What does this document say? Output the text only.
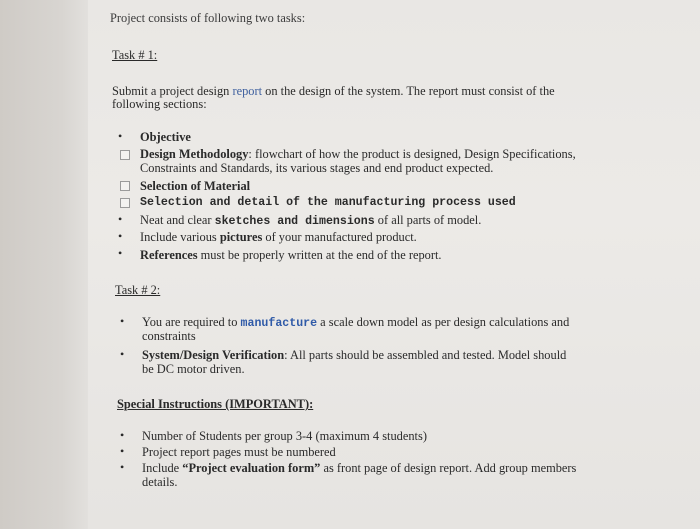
Project consists of following two tasks:
Task # 1:
Submit a project design report on the design of the system. The report must consist of the
following sections:
• Objective
Design Methodology: flowchart of how the product is designed, Design Specifications,
Constraints and Standards, its various stages and end product expected.
Selection of Material
Selection and detail of the manufacturing process used
• Neat and clear sketches and dimensions of all parts of model.
• Include various pictures of your manufactured product.
• References must be properly written at the end of the report.
Task # 2:
• You are required to manufacture a scale down model as per design calculations and
constraints
• System/Design Verification: All parts should be assembled and tested. Model should
be DC motor driven.
Special Instructions (IMPORTANT):
• Number of Students per group 3-4 (maximum 4 students)
• Project report pages must be numbered
• Include “Project evaluation form” as front page of design report. Add group members
details.
